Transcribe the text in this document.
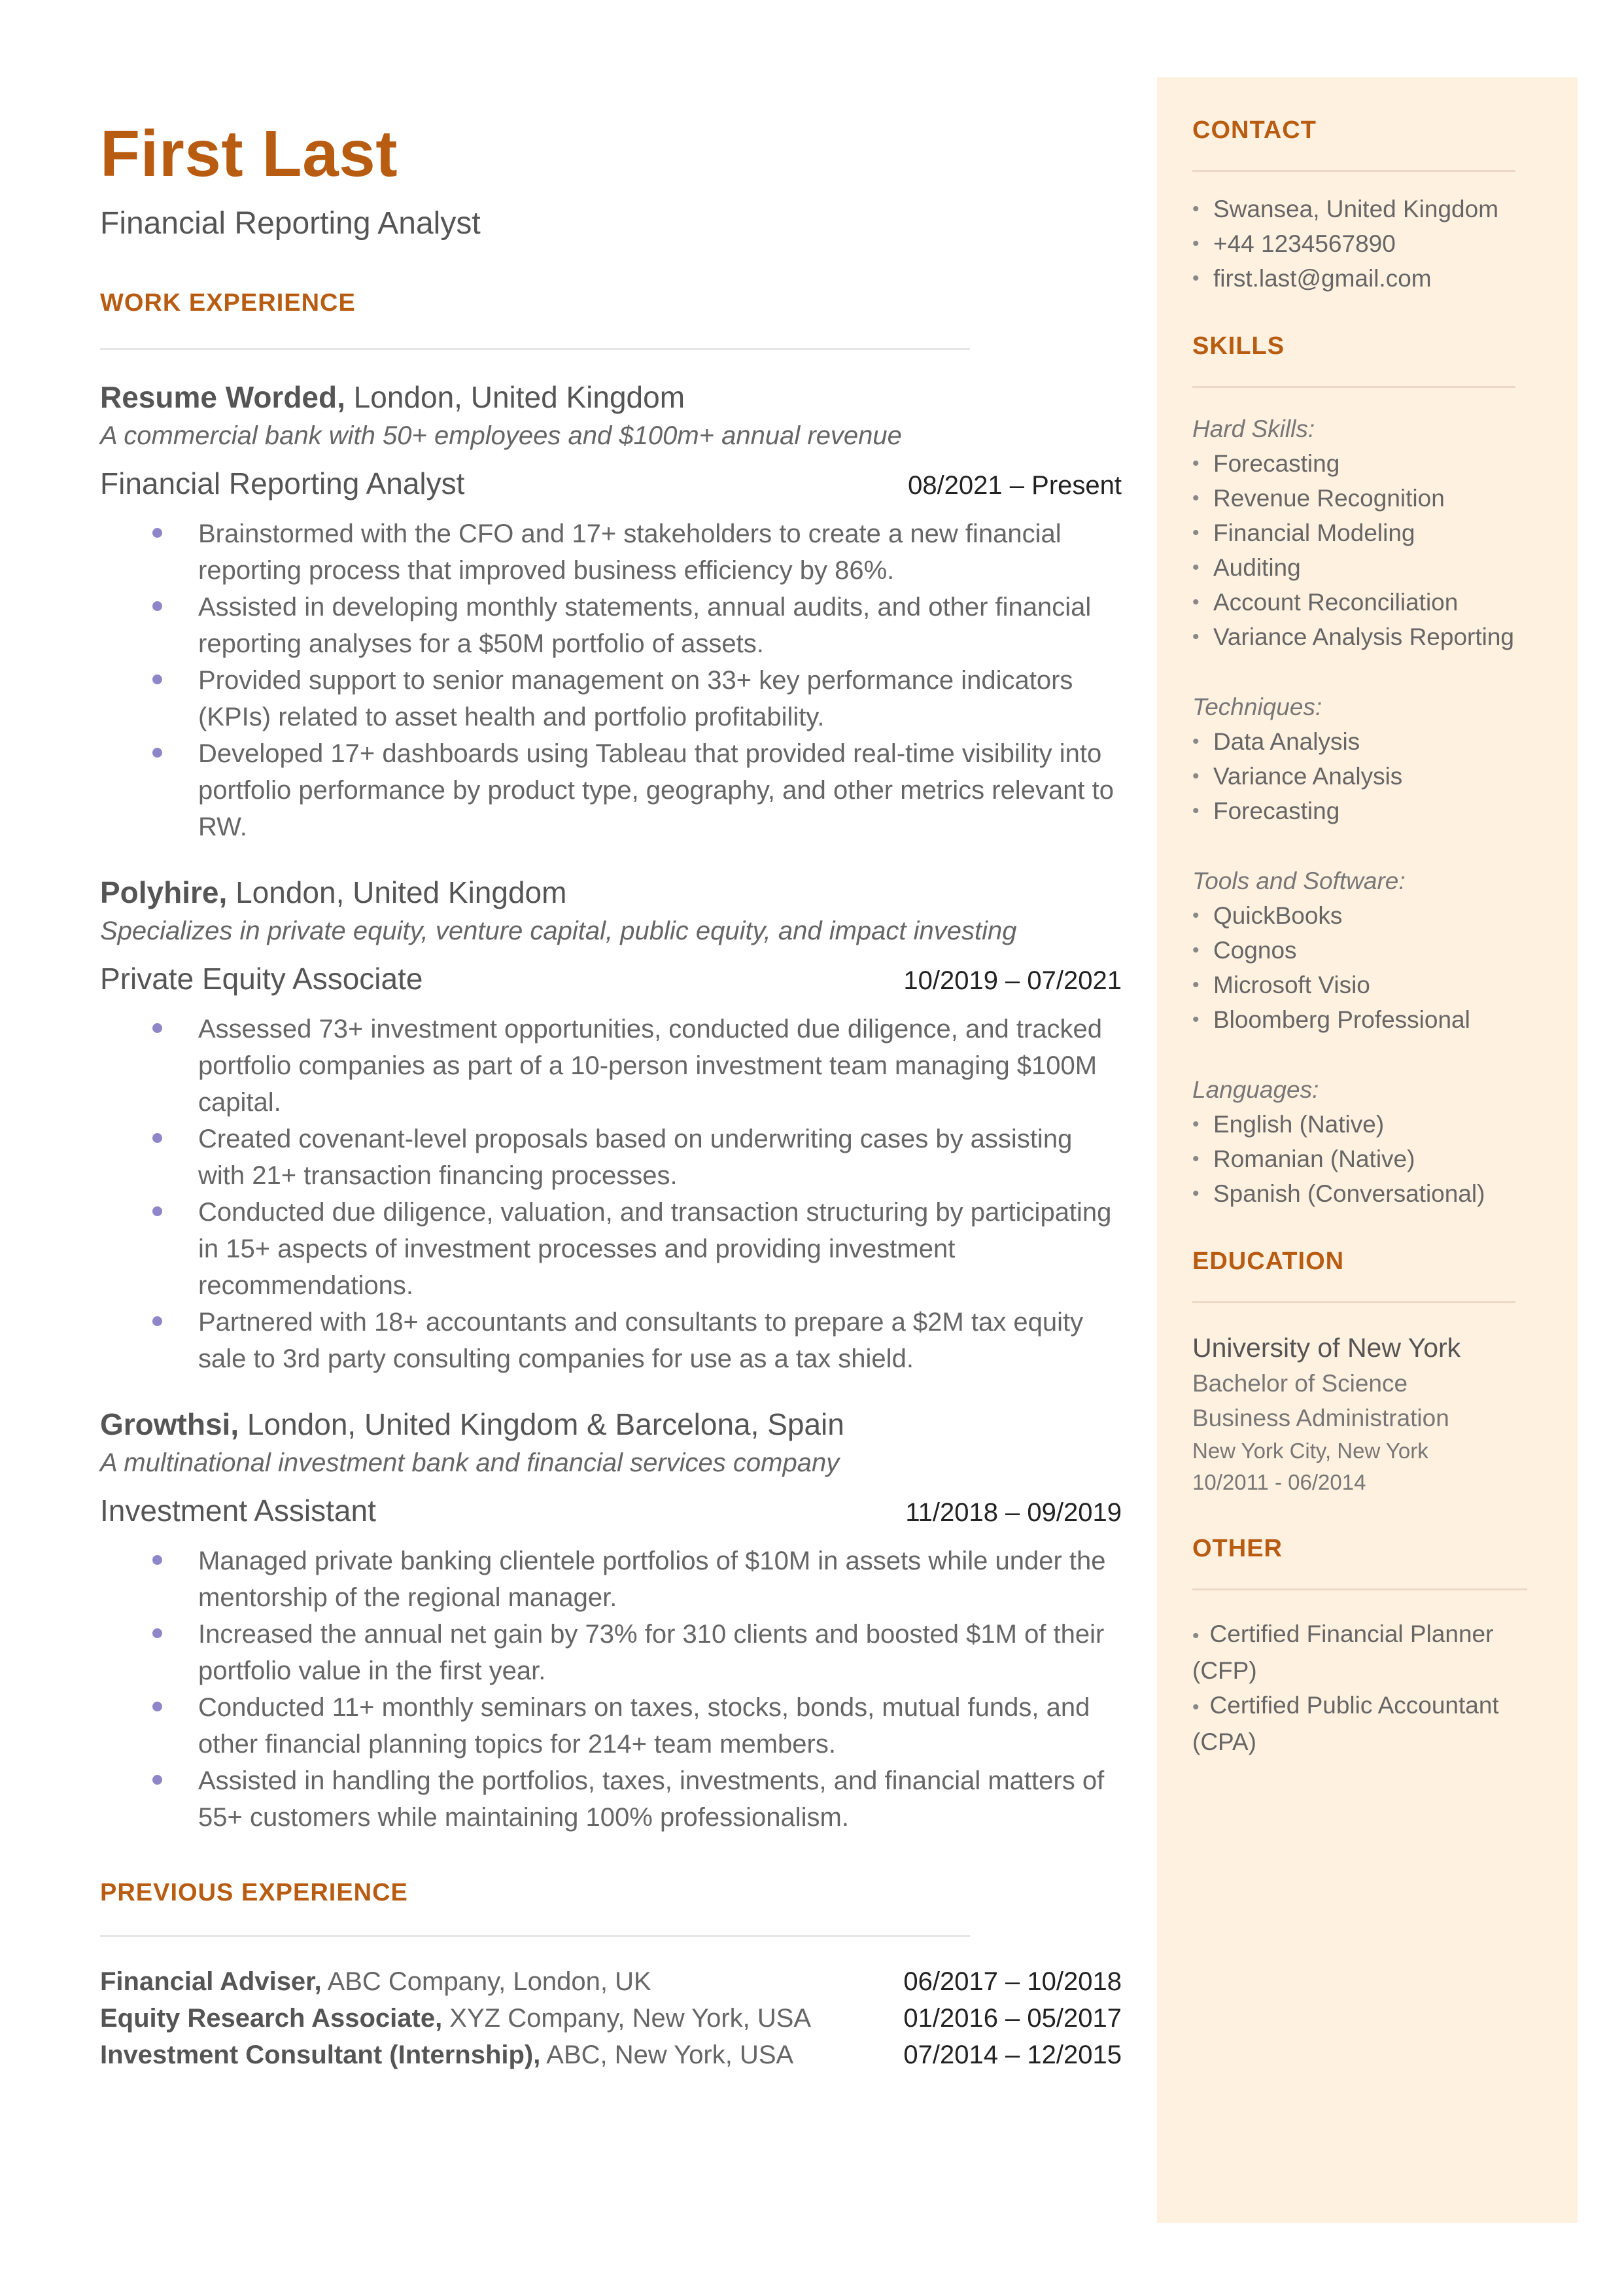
First Last
Financial Reporting Analyst
WORK EXPERIENCE
Resume Worded, London, United Kingdom
A commercial bank with 50+ employees and $100m+ annual revenue
Financial Reporting Analyst	08/2021 – Present
Brainstormed with the CFO and 17+ stakeholders to create a new financial reporting process that improved business efficiency by 86%.
Assisted in developing monthly statements, annual audits, and other financial reporting analyses for a $50M portfolio of assets.
Provided support to senior management on 33+ key performance indicators (KPIs) related to asset health and portfolio profitability.
Developed 17+ dashboards using Tableau that provided real-time visibility into portfolio performance by product type, geography, and other metrics relevant to RW.
Polyhire, London, United Kingdom
Specializes in private equity, venture capital, public equity, and impact investing
Private Equity Associate	10/2019 – 07/2021
Assessed 73+ investment opportunities, conducted due diligence, and tracked portfolio companies as part of a 10-person investment team managing $100M capital.
Created covenant-level proposals based on underwriting cases by assisting with 21+ transaction financing processes.
Conducted due diligence, valuation, and transaction structuring by participating in 15+ aspects of investment processes and providing investment recommendations.
Partnered with 18+ accountants and consultants to prepare a $2M tax equity sale to 3rd party consulting companies for use as a tax shield.
Growthsi, London, United Kingdom & Barcelona, Spain
A multinational investment bank and financial services company
Investment Assistant	11/2018 – 09/2019
Managed private banking clientele portfolios of $10M in assets while under the mentorship of the regional manager.
Increased the annual net gain by 73% for 310 clients and boosted $1M of their portfolio value in the first year.
Conducted 11+ monthly seminars on taxes, stocks, bonds, mutual funds, and other financial planning topics for 214+ team members.
Assisted in handling the portfolios, taxes, investments, and financial matters of 55+ customers while maintaining 100% professionalism.
PREVIOUS EXPERIENCE
Financial Adviser, ABC Company, London, UK	06/2017 – 10/2018
Equity Research Associate, XYZ Company, New York, USA	01/2016 – 05/2017
Investment Consultant (Internship), ABC, New York, USA	07/2014 – 12/2015
CONTACT
• Swansea, United Kingdom
• +44 1234567890
• first.last@gmail.com
SKILLS
Hard Skills:
• Forecasting
• Revenue Recognition
• Financial Modeling
• Auditing
• Account Reconciliation
• Variance Analysis Reporting
Techniques:
• Data Analysis
• Variance Analysis
• Forecasting
Tools and Software:
• QuickBooks
• Cognos
• Microsoft Visio
• Bloomberg Professional
Languages:
• English (Native)
• Romanian (Native)
• Spanish (Conversational)
EDUCATION
University of New York
Bachelor of Science
Business Administration
New York City, New York
10/2011 - 06/2014
OTHER
• Certified Financial Planner (CFP)
• Certified Public Accountant (CPA)
